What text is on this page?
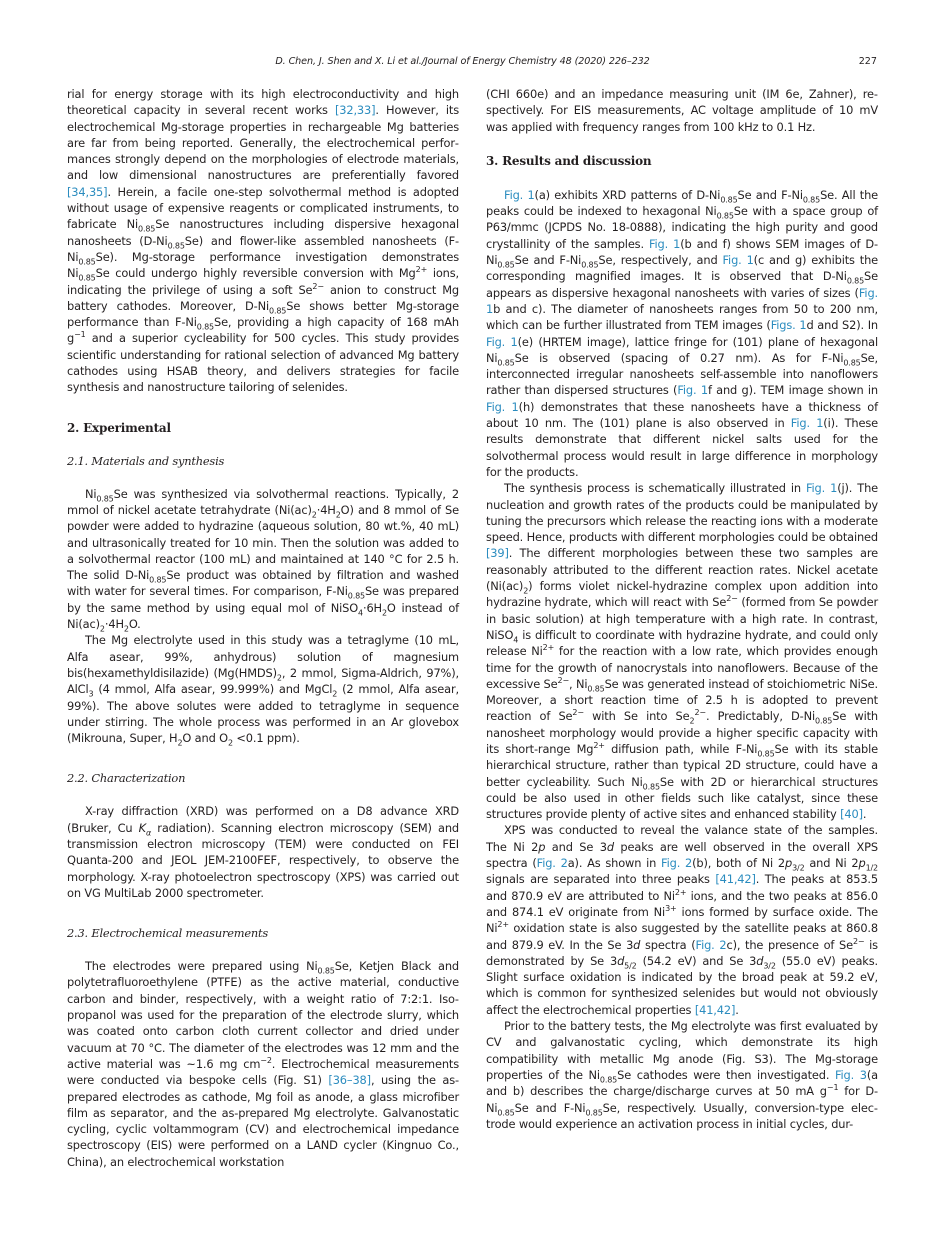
D. Chen, J. Shen and X. Li et al./Journal of Energy Chemistry 48 (2020) 226–232	227

rial for energy storage with its high electroconductivity and high theoretical capacity in several recent works [32,33]. However, its electrochemical Mg-storage properties in rechargeable Mg batteries are far from being reported. Generally, the electrochemical performances strongly depend on the morphologies of electrode materials, and low dimensional nanostructures are preferentially favored [34,35]. Herein, a facile one-step solvothermal method is adopted without usage of expensive reagents or complicated instruments, to fabricate $Ni_{0.85}Se$ nanostructures including dispersive hexagonal nanosheets $(D-Ni_{0.85}Se)$ and flower-like assembled nanosheets $(F-Ni_{0.85}Se)$. Mg-storage performance investigation demonstrates $Ni_{0.85}Se$ could undergo highly reversible conversion with $Mg^{2+}$ ions, indicating the privilege of using a soft $Se^{2-}$ anion to construct Mg battery cathodes. Moreover, $D-Ni_{0.85}Se$ shows better Mg-storage performance than $F-Ni_{0.85}Se$, providing a high capacity of 168 mAh $g^{-1}$ and a superior cycleability for 500 cycles. This study provides scientific understanding for rational selection of advanced Mg battery cathodes using HSAB theory, and delivers strategies for facile synthesis and nanostructure tailoring of selenides.

2. Experimental
2.1. Materials and synthesis

$Ni_{0.85}Se$ was synthesized via solvothermal reactions. Typically, 2 mmol of nickel acetate tetrahydrate $(Ni(ac)_2\cdot 4H_2O)$ and 8 mmol of Se powder were added to hydrazine (aqueous solution, 80 wt.%, 40 mL) and ultrasonically treated for 10 min. Then the solution was added to a solvothermal reactor (100 mL) and maintained at 140 °C for 2.5 h. The solid $D-Ni_{0.85}Se$ product was obtained by filtration and washed with water for several times. For comparison, $F-Ni_{0.85}Se$ was prepared by the same method by using equal mol of $NiSO_4\cdot 6H_2O$ instead of $Ni(ac)_2\cdot 4H_2O$.

The Mg electrolyte used in this study was a tetraglyme (10 mL, Alfa asear, 99%, anhydrous) solution of magnesium bis(hexamethyldisilazide) ($Mg(HMDS)_2$, 2 mmol, Sigma-Aldrich, 97%), AlCl$_3$ (4 mmol, Alfa asear, 99.999%) and MgCl$_2$ (2 mmol, Alfa asear, 99%). The above solutes were added to tetraglyme in sequence under stirring. The whole process was performed in an Ar glovebox (Mikrouna, Super, $H_2O$ and $O_2 <0.1$ ppm).

2.2. Characterization

X-ray diffraction (XRD) was performed on a D8 advance XRD (Bruker, Cu $K_\alpha$ radiation). Scanning electron microscopy (SEM) and transmission electron microscopy (TEM) were conducted on FEI Quanta-200 and JEOL JEM-2100FEF, respectively, to observe the morphology. X-ray photoelectron spectroscopy (XPS) was carried out on VG MultiLab 2000 spectrometer.

2.3. Electrochemical measurements

The electrodes were prepared using $Ni_{0.85}Se$, Ketjen Black and polytetrafluoroethylene (PTFE) as the active material, conductive carbon and binder, respectively, with a weight ratio of 7:2:1. Isopropanol was used for the preparation of the electrode slurry, which was coated onto carbon cloth current collector and dried under vacuum at 70 °C. The diameter of the electrodes was 12 mm and the active material was ~1.6 mg $cm^{-2}$. Electrochemical measurements were conducted via bespoke cells (Fig. S1) [36–38], using the as-prepared electrodes as cathode, Mg foil as anode, a glass microfiber film as separator, and the as-prepared Mg electrolyte. Galvanostatic cycling, cyclic voltammogram (CV) and electrochemical impedance spectroscopy (EIS) were performed on a LAND cycler (Kingnuo Co., China), an electrochemical workstation

(CHI 660e) and an impedance measuring unit (IM 6e, Zahner), respectively. For EIS measurements, AC voltage amplitude of 10 mV was applied with frequency ranges from 100 kHz to 0.1 Hz.

3. Results and discussion

Fig. 1(a) exhibits XRD patterns of $D-Ni_{0.85}Se$ and $F-Ni_{0.85}Se$. All the peaks could be indexed to hexagonal $Ni_{0.85}Se$ with a space group of P63/mmc (JCPDS No. 18-0888), indicating the high purity and good crystallinity of the samples. Fig. 1(b and f) shows SEM images of $D-Ni_{0.85}Se$ and $F-Ni_{0.85}Se$, respectively, and Fig. 1(c and g) exhibits the corresponding magnified images. It is observed that $D-Ni_{0.85}Se$ appears as dispersive hexagonal nanosheets with varies of sizes (Fig. 1b and c). The diameter of nanosheets ranges from 50 to 200 nm, which can be further illustrated from TEM images (Figs. 1d and S2). In Fig. 1(e) (HRTEM image), lattice fringe for (101) plane of hexagonal $Ni_{0.85}Se$ is observed (spacing of 0.27 nm). As for $F-Ni_{0.85}Se$, interconnected irregular nanosheets self-assemble into nanoflowers rather than dispersed structures (Fig. 1f and g). TEM image shown in Fig. 1(h) demonstrates that these nanosheets have a thickness of about 10 nm. The (101) plane is also observed in Fig. 1(i). These results demonstrate that different nickel salts used for the solvothermal process would result in large difference in morphology for the products.

The synthesis process is schematically illustrated in Fig. 1(j). The nucleation and growth rates of the products could be manipulated by tuning the precursors which release the reacting ions with a moderate speed. Hence, products with different morphologies could be obtained [39]. The different morphologies between these two samples are reasonably attributed to the different reaction rates. Nickel acetate $(Ni(ac)_2)$ forms violet nickel-hydrazine complex upon addition into hydrazine hydrate, which will react with $Se^{2-}$ (formed from Se powder in basic solution) at high temperature with a high rate. In contrast, NiSO$_4$ is difficult to coordinate with hydrazine hydrate, and could only release $Ni^{2+}$ for the reaction with a low rate, which provides enough time for the growth of nanocrystals into nanoflowers. Because of the excessive $Se^{2-}$, $Ni_{0.85}Se$ was generated instead of stoichiometric NiSe. Moreover, a short reaction time of 2.5 h is adopted to prevent reaction of $Se^{2-}$ with Se into $Se_2^{2-}$. Predictably, $D-Ni_{0.85}Se$ with nanosheet morphology would provide a higher specific capacity with its short-range $Mg^{2+}$ diffusion path, while $F-Ni_{0.85}Se$ with its stable hierarchical structure, rather than typical 2D structure, could have a better cycleability. Such $Ni_{0.85}Se$ with 2D or hierarchical structures could be also used in other fields such like catalyst, since these structures provide plenty of active sites and enhanced stability [40].

XPS was conducted to reveal the valance state of the samples. The Ni 2p and Se 3d peaks are well observed in the overall XPS spectra (Fig. 2a). As shown in Fig. 2(b), both of Ni $2p_{3/2}$ and Ni $2p_{1/2}$ signals are separated into three peaks [41,42]. The peaks at 853.5 and 870.9 eV are attributed to $Ni^{2+}$ ions, and the two peaks at 856.0 and 874.1 eV originate from $Ni^{3+}$ ions formed by surface oxide. The $Ni^{2+}$ oxidation state is also suggested by the satellite peaks at 860.8 and 879.9 eV. In the Se 3d spectra (Fig. 2c), the presence of $Se^{2-}$ is demonstrated by Se $3d_{5/2}$ (54.2 eV) and Se $3d_{3/2}$ (55.0 eV) peaks. Slight surface oxidation is indicated by the broad peak at 59.2 eV, which is common for synthesized selenides but would not obviously affect the electrochemical properties [41,42].

Prior to the battery tests, the Mg electrolyte was first evaluated by CV and galvanostatic cycling, which demonstrate its high compatibility with metallic Mg anode (Fig. S3). The Mg-storage properties of the $Ni_{0.85}Se$ cathodes were then investigated. Fig. 3(a and b) describes the charge/discharge curves at 50 mA $g^{-1}$ for $D-Ni_{0.85}Se$ and $F-Ni_{0.85}Se$, respectively. Usually, conversion-type electrode would experience an activation process in initial cycles, dur-
